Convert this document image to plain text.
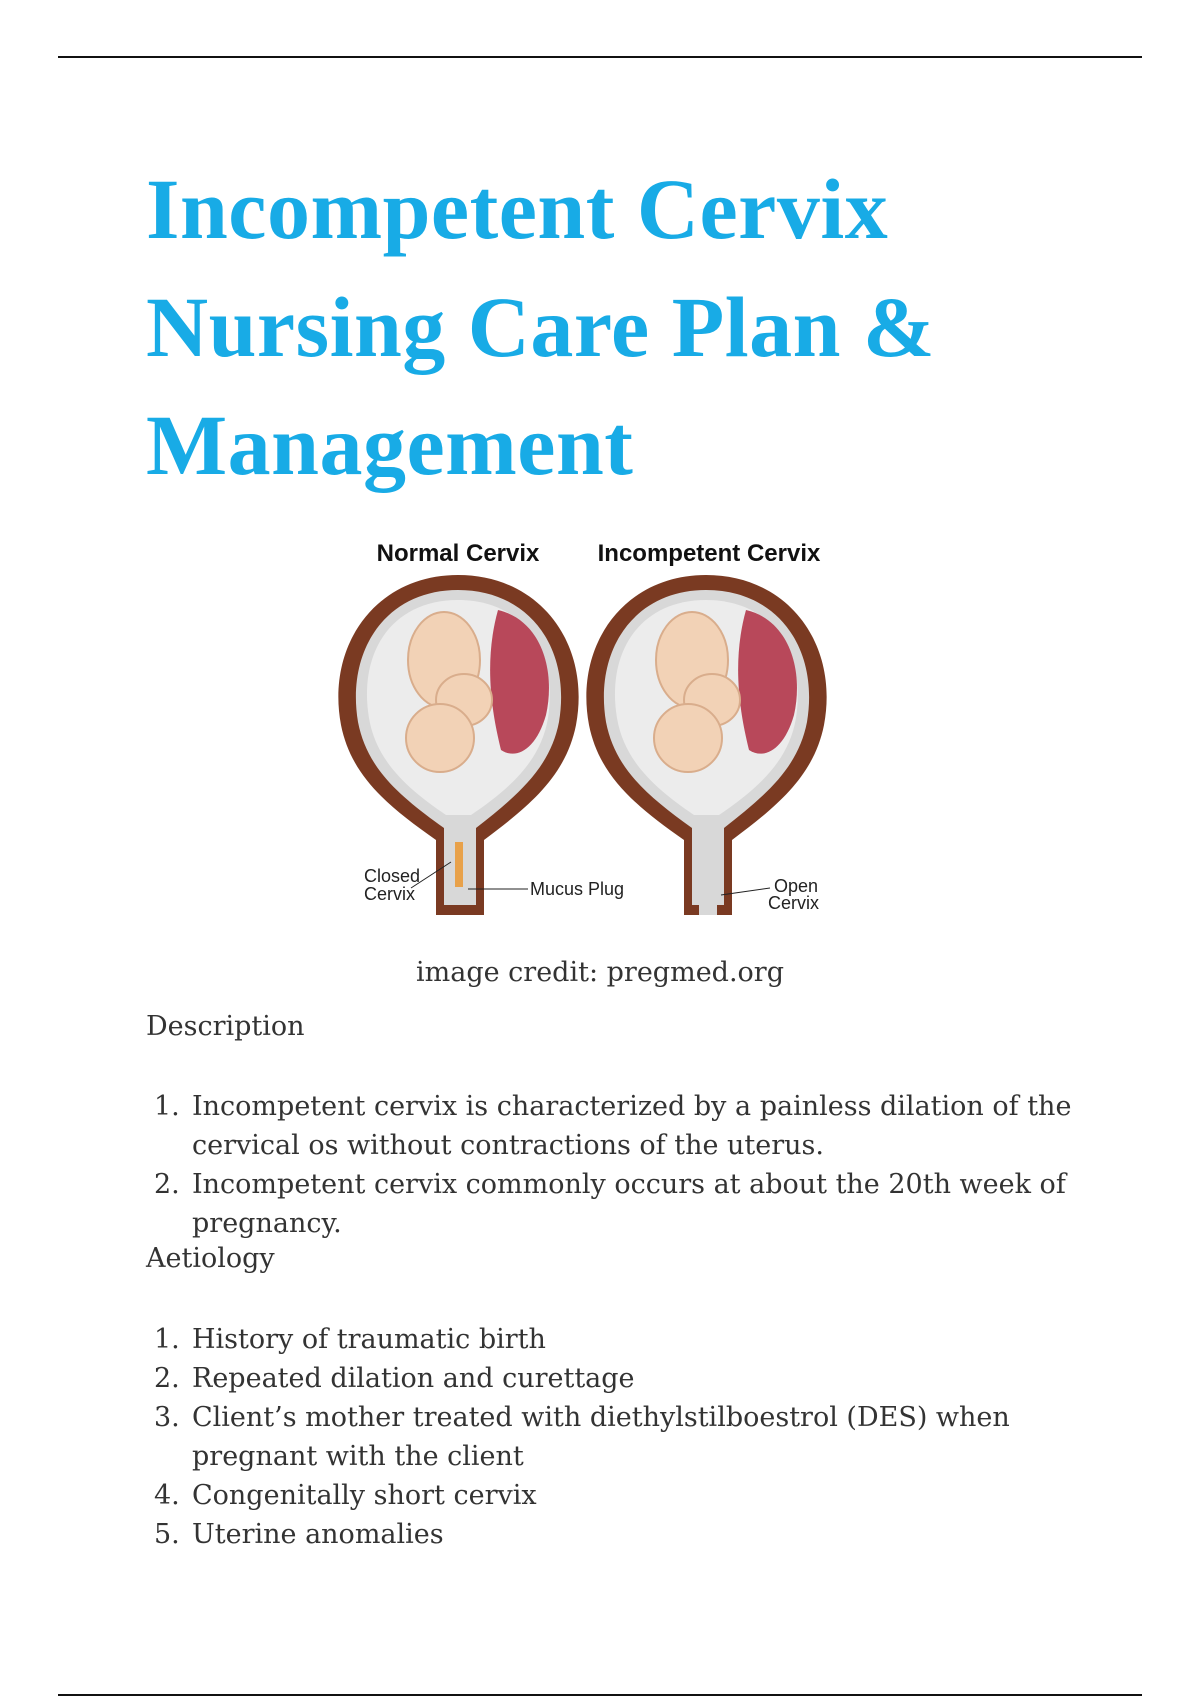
Incompetent Cervix Nursing Care Plan & Management
Normal Cervix Incompetent Cervix
Closed
Cervix	Mucus Plug	Open
Cervix
image credit: pregmed.org
Description
1. Incompetent cervix is characterized by a painless dilation of the cervical os without contractions of the uterus.
2. Incompetent cervix commonly occurs at about the 20th week of pregnancy.
Aetiology
1. History of traumatic birth
2. Repeated dilation and curettage
3. Client’s mother treated with diethylstilboestrol (DES) when pregnant with the client
4. Congenitally short cervix
5. Uterine anomalies
